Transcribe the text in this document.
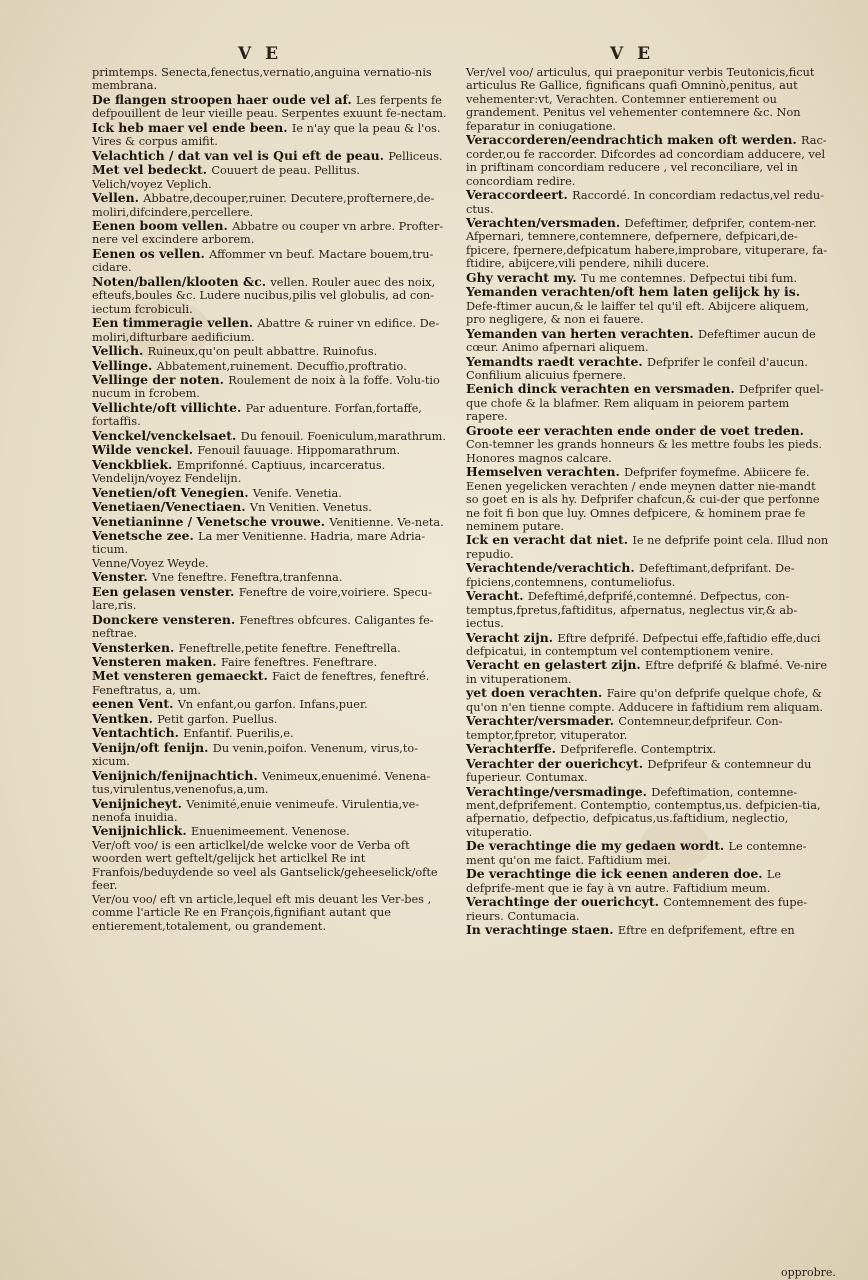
V E	V E

primtemps. Senecta,fenectus,vernatio,anguina vernatio-nis membrana.

De flangen stroopen haer oude vel af. Les ferpents fe defpouillent de leur vieille peau. Serpentes exuunt fe-nectam.

Ick heb maer vel ende been. Ie n'ay que la peau & l'os. Vires & corpus amifit.

Velachtich / dat van vel is Qui eft de peau. Pelliceus.

Met vel bedeckt. Couuert de peau. Pellitus.

Velich/voyez Veplich.

Vellen. Abbatre,decouper,ruiner. Decutere,profternere,de-moliri,difcindere,percellere.

Eenen boom vellen. Abbatre ou couper vn arbre. Profter-nere vel excindere arborem.

Eenen os vellen. Affommer vn beuf. Mactare bouem,tru-cidare.

Noten/ballen/klooten &c. vellen. Rouler auec des noix, efteufs,boules &c. Ludere nucibus,pilis vel globulis, ad con-iectum fcrobiculi.

Een timmeragie vellen. Abattre & ruiner vn edifice. De-moliri,difturbare aedificium.

Vellich. Ruineux,qu'on peult abbattre. Ruinofus.

Vellinge. Abbatement,ruinement. Decuffio,proftratio.

Vellinge der noten. Roulement de noix à la foffe. Volu-tio nucum in fcrobem.

Vellichte/oft villichte. Par aduenture. Forfan,fortaffe, fortaffis.

Venckel/venckelsaet. Du fenouil. Foeniculum,marathrum.

Wilde venckel. Fenouil fauuage. Hippomarathrum.

Venckbliek. Emprifonné. Captiuus, incarceratus.

Vendelijn/voyez Fendelijn.

Venetien/oft Venegien. Venife. Venetia.

Venetiaen/Venectiaen. Vn Venitien. Venetus.

Venetianinne / Venetsche vrouwe. Venitienne. Ve-neta.

Venetsche zee. La mer Venitienne. Hadria, mare Adria-ticum.

Venne/Voyez Weyde.

Venster. Vne feneftre. Feneftra,tranfenna.

Een gelasen venster. Feneftre de voire,voiriere. Specu-lare,ris.

Donckere vensteren. Feneftres obfcures. Caligantes fe-neftrae.

Vensterken. Feneftrelle,petite feneftre. Feneftrella.

Vensteren maken. Faire feneftres. Feneftrare.

Met vensteren gemaeckt. Faict de feneftres, feneftré. Feneftratus, a, um.

eenen Vent. Vn enfant,ou garfon. Infans,puer.

Ventken. Petit garfon. Puellus.

Ventachtich. Enfantif. Puerilis,e.

Venijn/oft fenijn. Du venin,poifon. Venenum, virus,to-xicum.

Venijnich/fenijnachtich. Venimeux,enuenimé. Venena-tus,virulentus,venenofus,a,um.

Venijnicheyt. Venimité,enuie venimeufe. Virulentia,ve-nenofa inuidia.

Venijnichlick. Enuenimeement. Venenose.

Ver/oft voo/ is een articlkel/de welcke voor de Verba oft woorden wert geftelt/gelijck het articlkel Re int Franfois/beduydende so veel als Gantselick/geheeselick/ofte feer.

Ver/ou voo/ eft vn article,lequel eft mis deuant les Ver-bes , comme l'article Re en François,fignifiant autant que entierement,totalement, ou grandement.

Ver/vel voo/ articulus, qui praeponitur verbis Teutonicis,ficut articulus Re Gallice, fignificans quafi Omninò,penitus, aut vehementer:vt, Verachten. Contemner entierement ou grandement. Penitus vel vehementer contemnere &c. Non feparatur in coniugatione.

Veraccorderen/eendrachtich maken oft werden. Rac-corder,ou fe raccorder. Difcordes ad concordiam adducere, vel in priftinam concordiam reducere , vel reconciliare, vel in concordiam redire.

Veraccordeert. Raccordé. In concordiam redactus,vel redu-ctus.

Verachten/versmaden. Defeftimer, defprifer, contem-ner. Afpernari, temnere,contemnere, defpernere, defpicari,de-fpicere, fpernere,defpicatum habere,improbare, vituperare, fa-ftidire, abijcere,vili pendere, nihili ducere.

Ghy veracht my. Tu me contemnes. Defpectui tibi fum.

Yemanden verachten/oft hem laten gelijck hy is. Defe-ftimer aucun,& le laiffer tel qu'il eft. Abijcere aliquem, pro negligere, & non ei fauere.

Yemanden van herten verachten. Defeftimer aucun de cœur. Animo afpernari aliquem.

Yemandts raedt verachte. Defprifer le confeil d'aucun. Confilium alicuius fpernere.

Eenich dinck verachten en versmaden. Defprifer quel-que chofe & la blafmer. Rem aliquam in peiorem partem rapere.

Groote eer verachten ende onder de voet treden. Con-temner les grands honneurs & les mettre foubs les pieds. Honores magnos calcare.

Hemselven verachten. Defprifer foymefme. Abiicere fe.

Eenen yegelicken verachten / ende meynen datter nie-mandt so goet en is als hy. Defprifer chafcun,& cui-der que perfonne ne foit fi bon que luy. Omnes defpicere, & hominem prae fe neminem putare.

Ick en veracht dat niet. Ie ne defprife point cela. Illud non repudio.

Verachtende/verachtich. Defeftimant,defprifant. De-fpiciens,contemnens, contumeliofus.

Veracht. Defeftimé,defprifé,contemné. Defpectus, con-temptus,fpretus,faftiditus, afpernatus, neglectus vir,& ab-iectus.

Veracht zijn. Eftre defprifé. Defpectui effe,faftidio effe,duci defpicatui, in contemptum vel contemptionem venire.

Veracht en gelastert zijn. Eftre defprifé & blafmé. Ve-nire in vituperationem.

yet doen verachten. Faire qu'on defprife quelque chofe, & qu'on n'en tienne compte. Adducere in faftidium rem aliquam.

Verachter/versmader. Contemneur,defprifeur. Con-temptor,fpretor, vituperator.

Verachterffe. Defpriferefle. Contemptrix.

Verachter der ouerichcyt. Defprifeur & contemneur du fuperieur. Contumax.

Verachtinge/versmadinge. Defeftimation, contemne-ment,defprifement. Contemptio, contemptus,us. defpicien-tia, afpernatio, defpectio, defpicatus,us.faftidium, neglectio, vituperatio.

De verachtinge die my gedaen wordt. Le contemne-ment qu'on me faict. Faftidium mei.

De verachtinge die ick eenen anderen doe. Le defprife-ment que ie fay à vn autre. Faftidium meum.

Verachtinge der ouerichcyt. Contemnement des fupe-rieurs. Contumacia.

In verachtinge staen. Eftre en defprifement, eftre en

opprobre.
